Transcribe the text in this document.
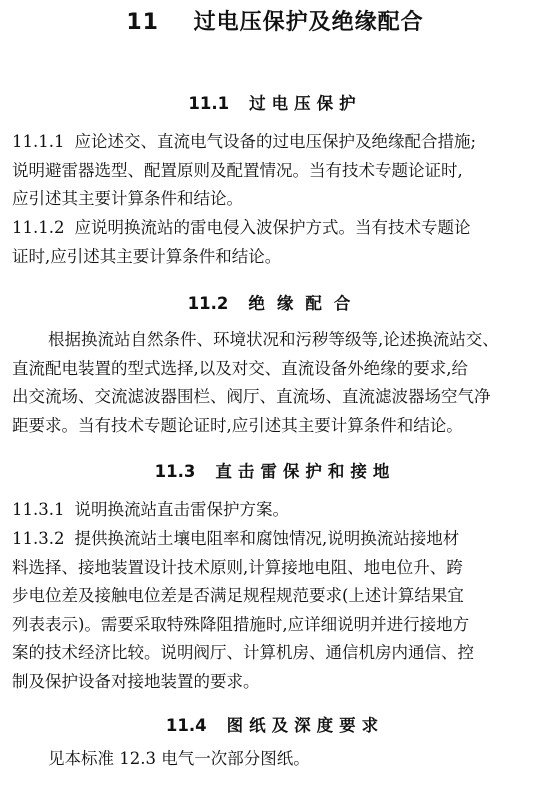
11 过电压保护及绝缘配合
11.1 过电压保护
11.1.1 应论述交、直流电气设备的过电压保护及绝缘配合措施;
说明避雷器选型、配置原则及配置情况。当有技术专题论证时,
应引述其主要计算条件和结论。
11.1.2 应说明换流站的雷电侵入波保护方式。当有技术专题论
证时,应引述其主要计算条件和结论。
11.2 绝缘配合
根据换流站自然条件、环境状况和污秽等级等,论述换流站交、
直流配电装置的型式选择,以及对交、直流设备外绝缘的要求,给
出交流场、交流滤波器围栏、阀厅、直流场、直流滤波器场空气净
距要求。当有技术专题论证时,应引述其主要计算条件和结论。
11.3 直击雷保护和接地
11.3.1 说明换流站直击雷保护方案。
11.3.2 提供换流站土壤电阻率和腐蚀情况,说明换流站接地材
料选择、接地装置设计技术原则,计算接地电阻、地电位升、跨
步电位差及接触电位差是否满足规程规范要求(上述计算结果宜
列表表示)。需要采取特殊降阻措施时,应详细说明并进行接地方
案的技术经济比较。说明阀厅、计算机房、通信机房内通信、控
制及保护设备对接地装置的要求。
11.4 图纸及深度要求
见本标准 12.3 电气一次部分图纸。
